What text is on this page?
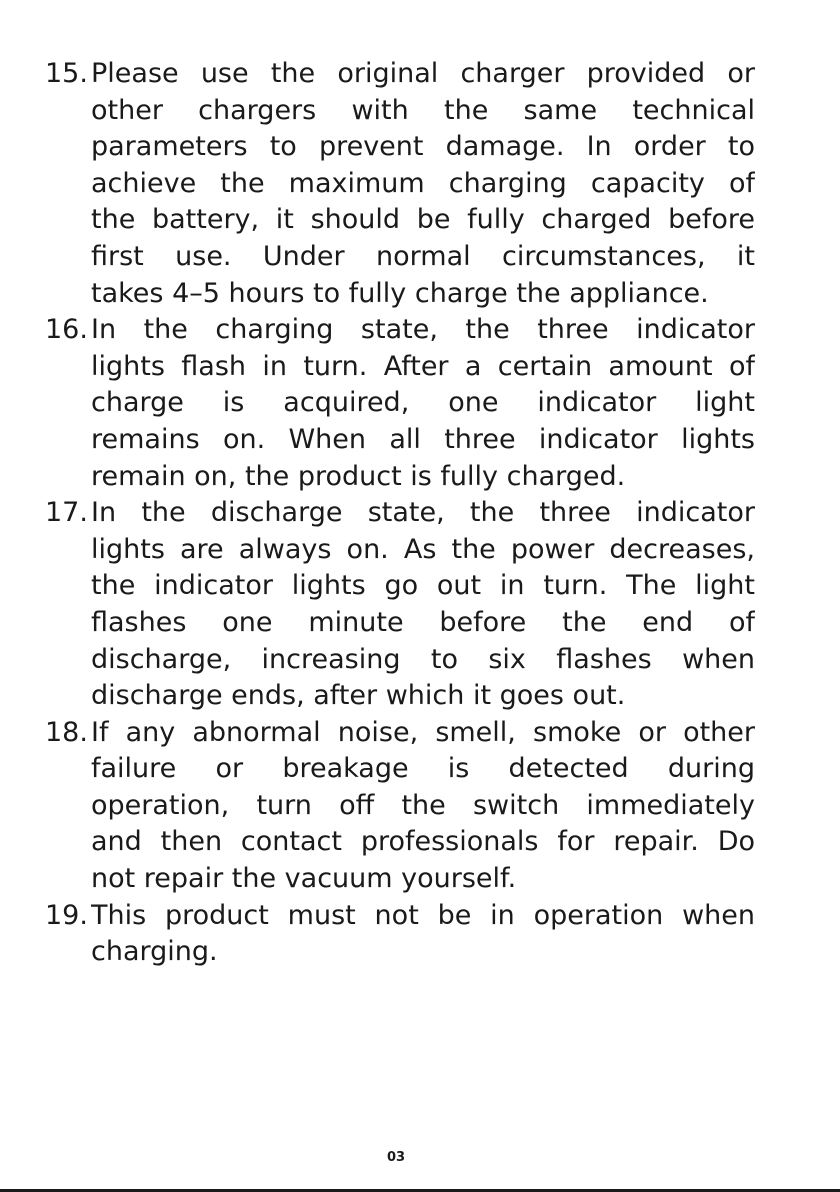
15. Please use the original charger provided or
other chargers with the same technical
parameters to prevent damage. In order to
achieve the maximum charging capacity of
the battery, it should be fully charged before
first use. Under normal circumstances, it
takes 4–5 hours to fully charge the appliance.
16. In the charging state, the three indicator
lights flash in turn. After a certain amount of
charge is acquired, one indicator light
remains on. When all three indicator lights
remain on, the product is fully charged.
17. In the discharge state, the three indicator
lights are always on. As the power decreases,
the indicator lights go out in turn. The light
flashes one minute before the end of
discharge, increasing to six flashes when
discharge ends, after which it goes out.
18. If any abnormal noise, smell, smoke or other
failure or breakage is detected during
operation, turn off the switch immediately
and then contact professionals for repair. Do
not repair the vacuum yourself.
19. This product must not be in operation when
charging.
03
